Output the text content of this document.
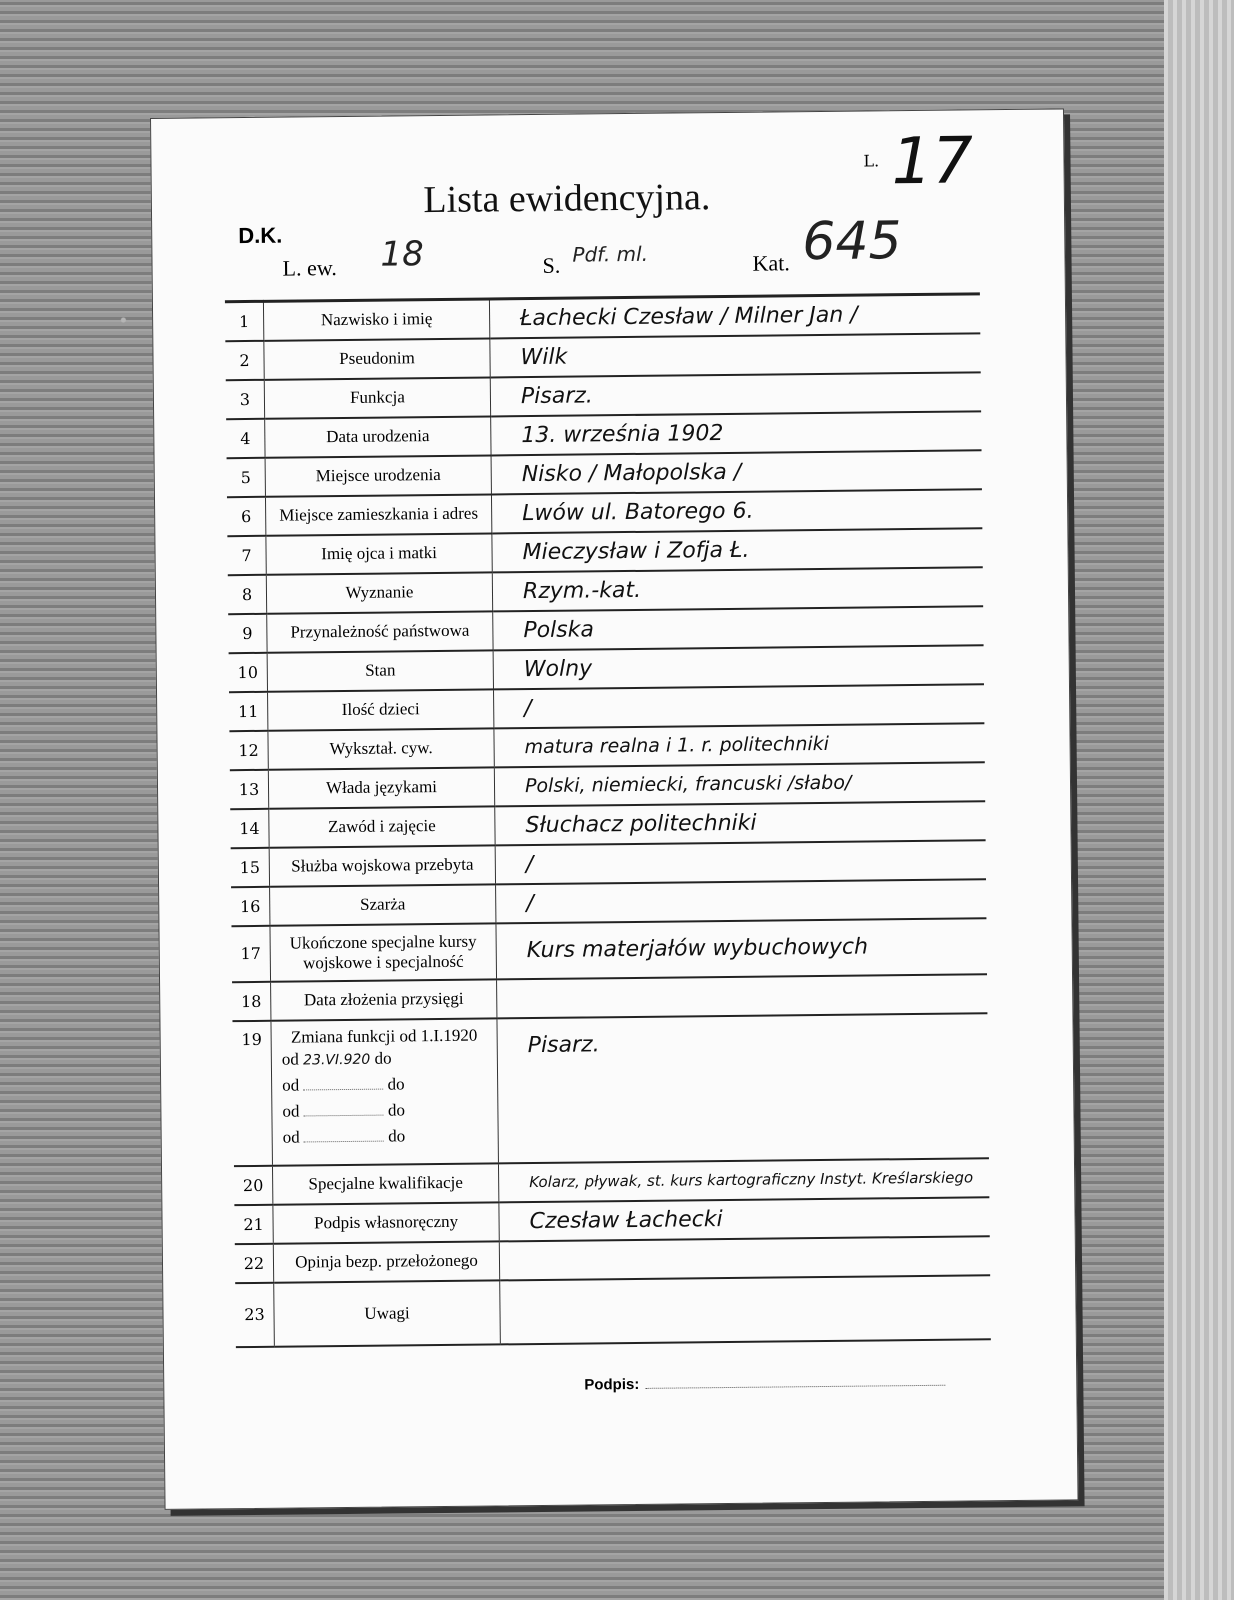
L. 17
Lista ewidencyjna.
D.K.
L. ew. 18	S. Pdf. ml.	Kat. 645
1	Nazwisko i imię	Łachecki Czesław / Milner Jan /
2	Pseudonim	Wilk
3	Funkcja	Pisarz.
4	Data urodzenia	13. września 1902
5	Miejsce urodzenia	Nisko / Małopolska /
6	Miejsce zamieszkania i adres	Lwów ul. Batorego 6.
7	Imię ojca i matki	Mieczysław i Zofja Ł.
8	Wyznanie	Rzym.-kat.
9	Przynależność państwowa	Polska
10	Stan	Wolny
11	Ilość dzieci	/
12	Wykształ. cyw.	matura realna i 1. r. politechniki
13	Włada językami	Polski, niemiecki, francuski /słabo/
14	Zawód i zajęcie	Słuchacz politechniki
15	Służba wojskowa przebyta	/
16	Szarża	/
17	Ukończone specjalne kursy wojskowe i specjalność	Kurs materjałów wybuchowych
18	Data złożenia przysięgi	
19	Zmiana funkcji od 1.I.1920
od 23.VI.920 do
od do
od do
od do	Pisarz.
20	Specjalne kwalifikacje	Kolarz, pływak, st. kurs kartograficzny Instyt. Kreślarskiego
21	Podpis własnoręczny	Czesław Łachecki
22	Opinja bezp. przełożonego	
23	Uwagi	
Podpis:
